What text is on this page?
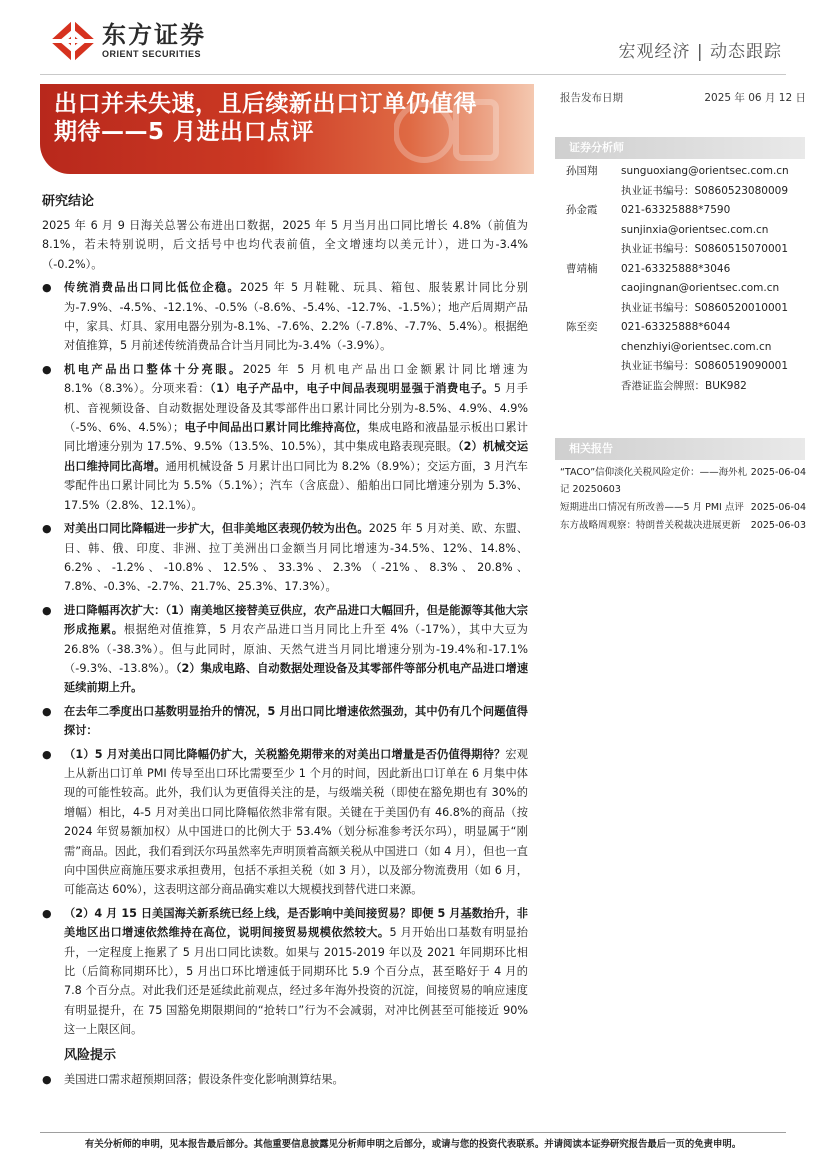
东方证券
ORIENT SECURITIES	宏观经济 | 动态跟踪
出口并未失速，且后续新出口订单仍值得
期待——5 月进出口点评
报告发布日期	2025 年 06 月 12 日
证券分析师
孙国翔 sunguoxiang@orientsec.com.cn
执业证书编号：S0860523080009
孙金霞 021-63325888*7590
sunjinxia@orientsec.com.cn
执业证书编号：S0860515070001
曹靖楠 021-63325888*3046
caojingnan@orientsec.com.cn
执业证书编号：S0860520010001
陈至奕 021-63325888*6044
chenzhiyi@orientsec.com.cn
执业证书编号：S0860519090001
香港证监会牌照：BUK982
相关报告
“TACO”信仰淡化关税风险定价：——海外札记 20250603
2025-06-04
短期进出口情况有所改善——5 月 PMI 点评 2025-06-04
东方战略周观察：特朗普关税裁决进展更新	2025-06-03
研究结论
2025 年 6 月 9 日海关总署公布进出口数据，2025 年 5 月当月出口同比增长 4.8%（前值为 8.1%，若未特别说明，后文括号中也均代表前值，全文增速均以美元计），进口为-3.4%（-0.2%）。
● 传统消费品出口同比低位企稳。2025 年 5 月鞋靴、玩具、箱包、服装累计同比分别为-7.9%、-4.5%、-12.1%、-0.5%（-8.6%、-5.4%、-12.7%、-1.5%）；地产后周期产品中，家具、灯具、家用电器分别为-8.1%、-7.6%、2.2%（-7.8%、-7.7%、5.4%）。根据绝对值推算，5 月前述传统消费品合计当月同比为-3.4%（-3.9%）。
● 机电产品出口整体十分亮眼。2025 年 5 月机电产品出口金额累计同比增速为 8.1%（8.3%）。分项来看：（1）电子产品中，电子中间品表现明显强于消费电子。5 月手机、音视频设备、自动数据处理设备及其零部件出口累计同比分别为-8.5%、4.9%、4.9%（-5%、6%、4.5%）；电子中间品出口累计同比维持高位，集成电路和液晶显示板出口累计同比增速分别为 17.5%、9.5%（13.5%、10.5%），其中集成电路表现亮眼。（2）机械交运出口维持同比高增。通用机械设备 5 月累计出口同比为 8.2%（8.9%）；交运方面，3 月汽车零配件出口累计同比为 5.5%（5.1%）；汽车（含底盘）、船舶出口同比增速分别为 5.3%、17.5%（2.8%、12.1%）。
● 对美出口同比降幅进一步扩大，但非美地区表现仍较为出色。2025 年 5 月对美、欧、东盟、日、韩、俄、印度、非洲、拉丁美洲出口金额当月同比增速为-34.5%、12%、14.8%、6.2%、-1.2%、-10.8%、12.5%、33.3%、2.3%（-21%、8.3%、20.8%、7.8%、-0.3%、-2.7%、21.7%、25.3%、17.3%）。
● 进口降幅再次扩大：（1）南美地区接替美豆供应，农产品进口大幅回升，但是能源等其他大宗形成拖累。根据绝对值推算，5 月农产品进口当月同比上升至 4%（-17%），其中大豆为 26.8%（-38.3%）。但与此同时，原油、天然气进当月同比增速分别为-19.4%和-17.1%（-9.3%、-13.8%）。（2）集成电路、自动数据处理设备及其零部件等部分机电产品进口增速延续前期上升。
● 在去年二季度出口基数明显抬升的情况，5 月出口同比增速依然强劲，其中仍有几个问题值得探讨：
● （1）5 月对美出口同比降幅仍扩大，关税豁免期带来的对美出口增量是否仍值得期待？宏观上从新出口订单 PMI 传导至出口环比需要至少 1 个月的时间，因此新出口订单在 6 月集中体现的可能性较高。此外，我们认为更值得关注的是，与级端关税（即使在豁免期也有 30%的增幅）相比，4-5 月对美出口同比降幅依然非常有限。关键在于美国仍有 46.8%的商品（按 2024 年贸易额加权）从中国进口的比例大于 53.4%（划分标准参考沃尔玛），明显属于“刚需”商品。因此，我们看到沃尔玛虽然率先声明顶着高额关税从中国进口（如 4 月），但也一直向中国供应商施压要求承担费用，包括不承担关税（如 3 月），以及部分物流费用（如 6 月，可能高达 60%），这表明这部分商品确实难以大规模找到替代进口来源。
● （2）4 月 15 日美国海关新系统已经上线，是否影响中美间接贸易？即便 5 月基数抬升，非美地区出口增速依然维持在高位，说明间接贸易规模依然较大。5 月开始出口基数有明显抬升，一定程度上拖累了 5 月出口同比读数。如果与 2015-2019 年以及 2021 年同期环比相比（后简称同期环比），5 月出口环比增速低于同期环比 5.9 个百分点，甚至略好于 4 月的 7.8 个百分点。对此我们还是延续此前观点，经过多年海外投资的沉淀，间接贸易的响应速度有明显提升，在 75 国豁免期限期间的“抢转口”行为不会减弱，对冲比例甚至可能接近 90%这一上限区间。
风险提示
● 美国进口需求超预期回落；假设条件变化影响测算结果。
有关分析师的申明，见本报告最后部分。其他重要信息披露见分析师申明之后部分，或请与您的投资代表联系。并请阅读本证券研究报告最后一页的免责申明。
